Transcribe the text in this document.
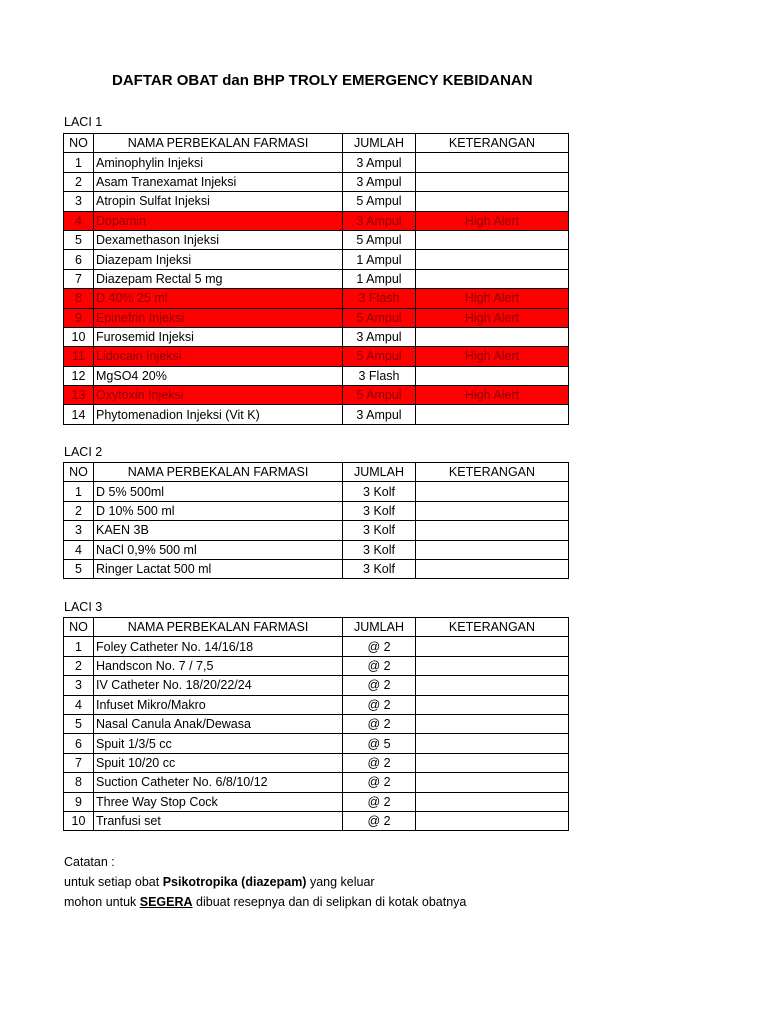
DAFTAR OBAT dan BHP TROLY EMERGENCY KEBIDANAN
LACI 1
NO	NAMA PERBEKALAN FARMASI	JUMLAH	KETERANGAN
1	Aminophylin Injeksi	3 Ampul	
2	Asam Tranexamat Injeksi	3 Ampul	
3	Atropin Sulfat Injeksi	5 Ampul	
4	Dopamin	3 Ampul	High Alert
5	Dexamethason Injeksi	5 Ampul	
6	Diazepam Injeksi	1 Ampul	
7	Diazepam Rectal 5 mg	1 Ampul	
8	D 40% 25 ml	3 Flash	High Alert
9	Epinefrin Injeksi	5 Ampul	High Alert
10	Furosemid Injeksi	3 Ampul	
11	Lidocain Injeksi	5 Ampul	High Alert
12	MgSO4 20%	3 Flash	
13	Oxytoxin Injeksi	5 Ampul	High Alert
14	Phytomenadion Injeksi (Vit K)	3 Ampul	
LACI 2
NO	NAMA PERBEKALAN FARMASI	JUMLAH	KETERANGAN
1	D 5% 500ml	3 Kolf	
2	D 10% 500 ml	3 Kolf	
3	KAEN 3B	3 Kolf	
4	NaCl 0,9% 500 ml	3 Kolf	
5	Ringer Lactat 500 ml	3 Kolf	
LACI 3
NO	NAMA PERBEKALAN FARMASI	JUMLAH	KETERANGAN
1	Foley Catheter No. 14/16/18	@ 2	
2	Handscon No. 7 / 7,5	@ 2	
3	IV Catheter No. 18/20/22/24	@ 2	
4	Infuset Mikro/Makro	@ 2	
5	Nasal Canula Anak/Dewasa	@ 2	
6	Spuit 1/3/5 cc	@ 5	
7	Spuit 10/20 cc	@ 2	
8	Suction Catheter No. 6/8/10/12	@ 2	
9	Three Way Stop Cock	@ 2	
10	Tranfusi set	@ 2	
Catatan :
untuk setiap obat Psikotropika (diazepam) yang keluar
mohon untuk SEGERA dibuat resepnya dan di selipkan di kotak obatnya
